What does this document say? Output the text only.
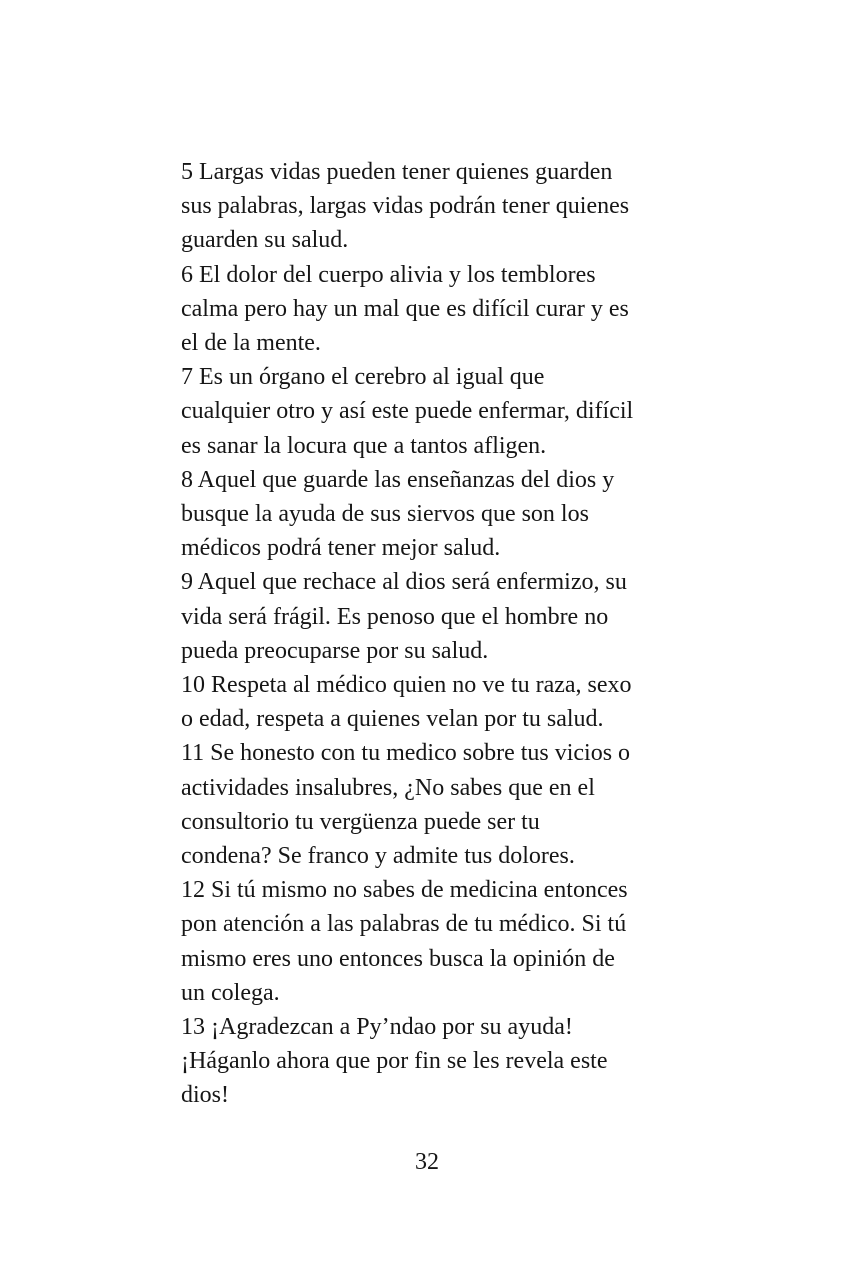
5 Largas vidas pueden tener quienes guarden
sus palabras, largas vidas podrán tener quienes
guarden su salud.
6 El dolor del cuerpo alivia y los temblores
calma pero hay un mal que es difícil curar y es
el de la mente.
7 Es un órgano el cerebro al igual que
cualquier otro y así este puede enfermar, difícil
es sanar la locura que a tantos afligen.
8 Aquel que guarde las enseñanzas del dios y
busque la ayuda de sus siervos que son los
médicos podrá tener mejor salud.
9 Aquel que rechace al dios será enfermizo, su
vida será frágil. Es penoso que el hombre no
pueda preocuparse por su salud.
10 Respeta al médico quien no ve tu raza, sexo
o edad, respeta a quienes velan por tu salud.
11 Se honesto con tu medico sobre tus vicios o
actividades insalubres, ¿No sabes que en el
consultorio tu vergüenza puede ser tu
condena? Se franco y admite tus dolores.
12 Si tú mismo no sabes de medicina entonces
pon atención a las palabras de tu médico. Si tú
mismo eres uno entonces busca la opinión de
un colega.
13 ¡Agradezcan a Py’ndao por su ayuda!
¡Háganlo ahora que por fin se les revela este
dios!
32
